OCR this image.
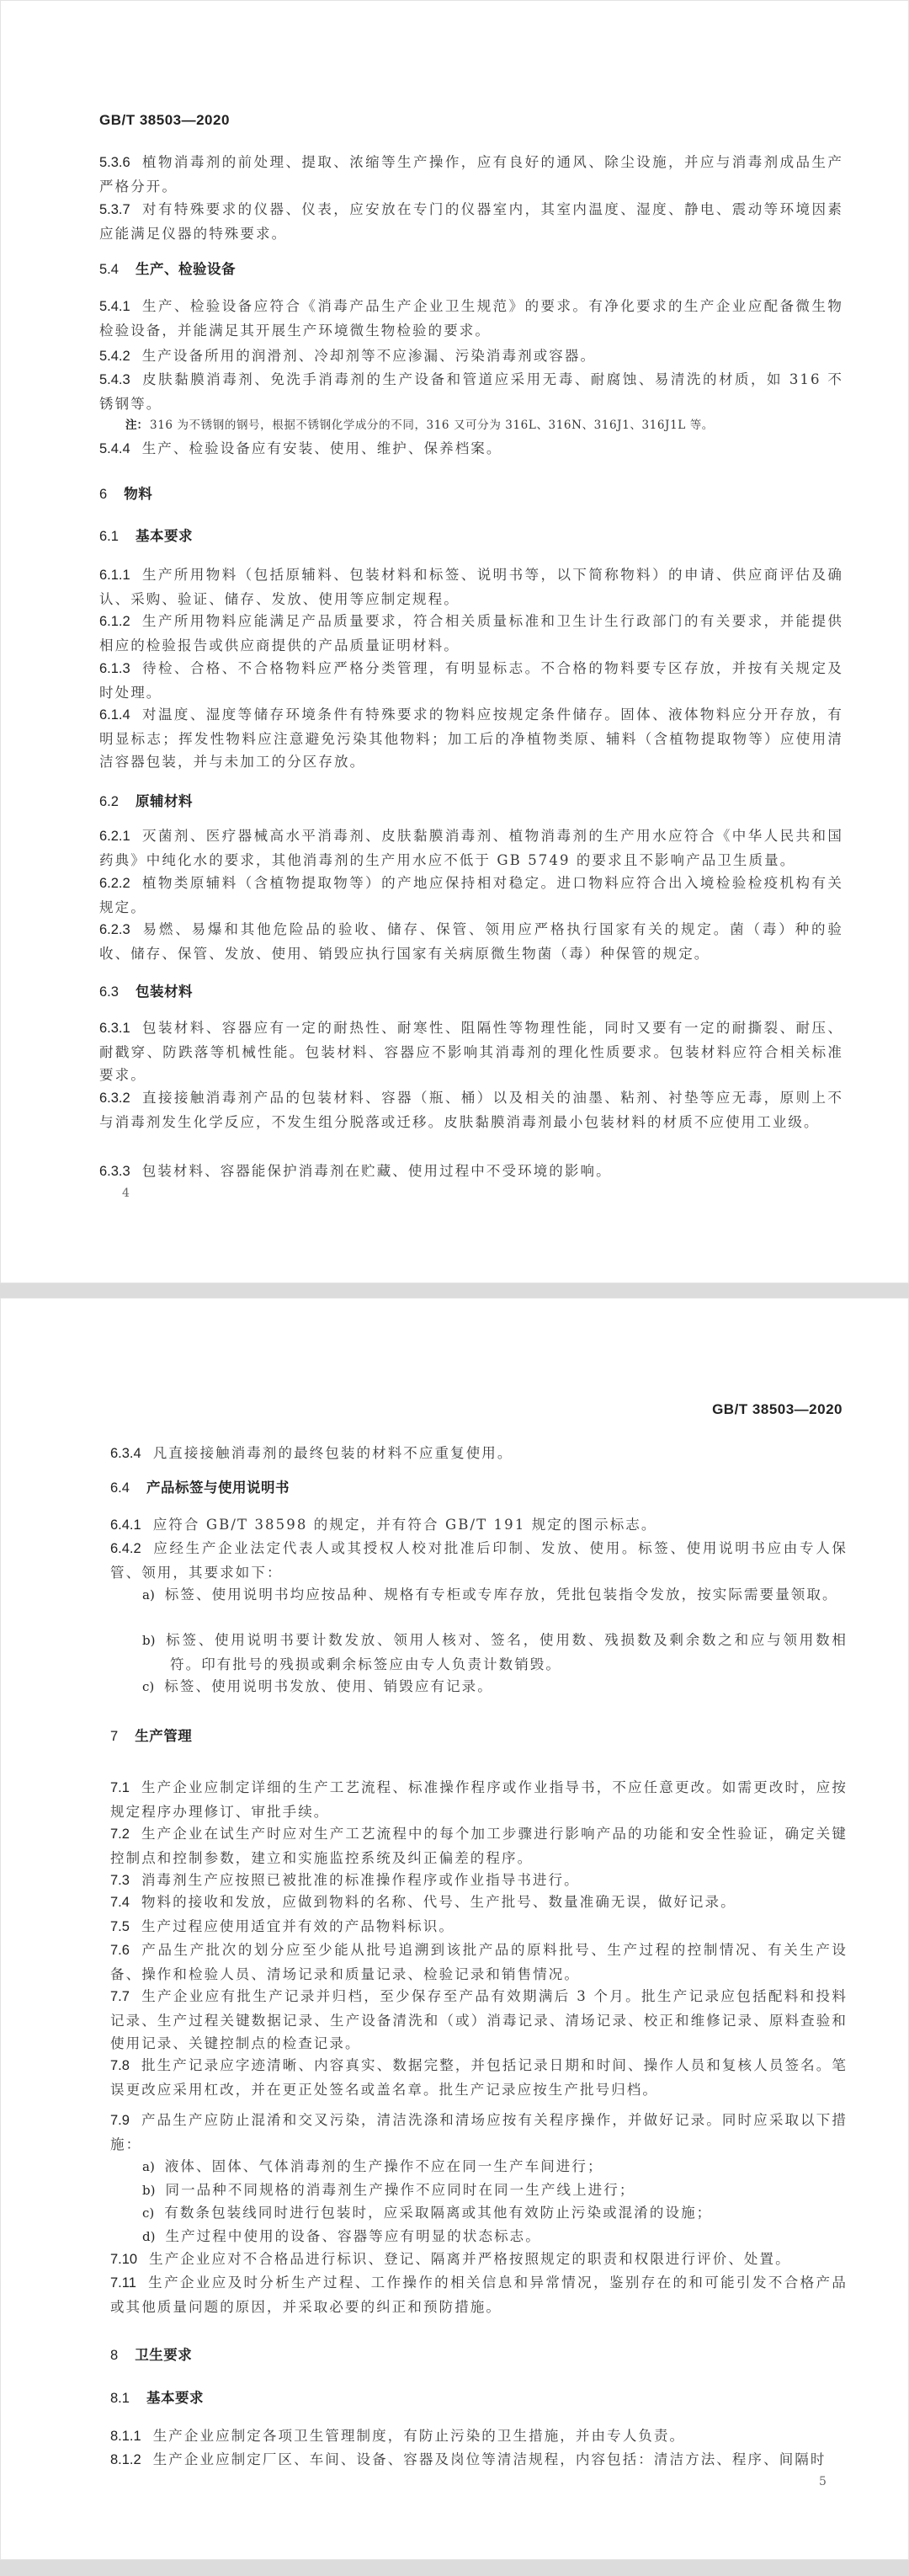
GB/T 38503—2020
5.3.6 植物消毒剂的前处理、提取、浓缩等生产操作，应有良好的通风、除尘设施，并应与消毒剂成品生产严格分开。
5.3.7 对有特殊要求的仪器、仪表，应安放在专门的仪器室内，其室内温度、湿度、静电、震动等环境因素应能满足仪器的特殊要求。
5.4 生产、检验设备
5.4.1 生产、检验设备应符合《消毒产品生产企业卫生规范》的要求。有净化要求的生产企业应配备微生物检验设备，并能满足其开展生产环境微生物检验的要求。
5.4.2 生产设备所用的润滑剂、冷却剂等不应渗漏、污染消毒剂或容器。
5.4.3 皮肤黏膜消毒剂、免洗手消毒剂的生产设备和管道应采用无毒、耐腐蚀、易清洗的材质，如 316 不锈钢等。
注： 316 为不锈钢的钢号，根据不锈钢化学成分的不同，316 又可分为 316L、316N、316J1、316J1L 等。
5.4.4 生产、检验设备应有安装、使用、维护、保养档案。
6 物料
6.1 基本要求
6.1.1 生产所用物料（包括原辅料、包装材料和标签、说明书等，以下简称物料）的申请、供应商评估及确认、采购、验证、储存、发放、使用等应制定规程。
6.1.2 生产所用物料应能满足产品质量要求，符合相关质量标准和卫生计生行政部门的有关要求，并能提供相应的检验报告或供应商提供的产品质量证明材料。
6.1.3 待检、合格、不合格物料应严格分类管理，有明显标志。不合格的物料要专区存放，并按有关规定及时处理。
6.1.4 对温度、湿度等储存环境条件有特殊要求的物料应按规定条件储存。固体、液体物料应分开存放，有明显标志；挥发性物料应注意避免污染其他物料；加工后的净植物类原、辅料（含植物提取物等）应使用清洁容器包装，并与未加工的分区存放。
6.2 原辅材料
6.2.1 灭菌剂、医疗器械高水平消毒剂、皮肤黏膜消毒剂、植物消毒剂的生产用水应符合《中华人民共和国药典》中纯化水的要求，其他消毒剂的生产用水应不低于 GB 5749 的要求且不影响产品卫生质量。
6.2.2 植物类原辅料（含植物提取物等）的产地应保持相对稳定。进口物料应符合出入境检验检疫机构有关规定。
6.2.3 易燃、易爆和其他危险品的验收、储存、保管、领用应严格执行国家有关的规定。菌（毒）种的验收、储存、保管、发放、使用、销毁应执行国家有关病原微生物菌（毒）种保管的规定。
6.3 包装材料
6.3.1 包装材料、容器应有一定的耐热性、耐寒性、阻隔性等物理性能，同时又要有一定的耐撕裂、耐压、耐戳穿、防跌落等机械性能。包装材料、容器应不影响其消毒剂的理化性质要求。包装材料应符合相关标准要求。
6.3.2 直接接触消毒剂产品的包装材料、容器（瓶、桶）以及相关的油墨、粘剂、衬垫等应无毒，原则上不与消毒剂发生化学反应，不发生组分脱落或迁移。皮肤黏膜消毒剂最小包装材料的材质不应使用工业级。
6.3.3 包装材料、容器能保护消毒剂在贮藏、使用过程中不受环境的影响。
4
GB/T 38503—2020
6.3.4 凡直接接触消毒剂的最终包装的材料不应重复使用。
6.4 产品标签与使用说明书
6.4.1 应符合 GB/T 38598 的规定，并有符合 GB/T 191 规定的图示标志。
6.4.2 应经生产企业法定代表人或其授权人校对批准后印制、发放、使用。标签、使用说明书应由专人保管、领用，其要求如下：
a) 标签、使用说明书均应按品种、规格有专柜或专库存放，凭批包装指令发放，按实际需要量领取。
b) 标签、使用说明书要计数发放、领用人核对、签名，使用数、残损数及剩余数之和应与领用数相符。印有批号的残损或剩余标签应由专人负责计数销毁。
c) 标签、使用说明书发放、使用、销毁应有记录。
7 生产管理
7.1 生产企业应制定详细的生产工艺流程、标准操作程序或作业指导书，不应任意更改。如需更改时，应按规定程序办理修订、审批手续。
7.2 生产企业在试生产时应对生产工艺流程中的每个加工步骤进行影响产品的功能和安全性验证，确定关键控制点和控制参数，建立和实施监控系统及纠正偏差的程序。
7.3 消毒剂生产应按照已被批准的标准操作程序或作业指导书进行。
7.4 物料的接收和发放，应做到物料的名称、代号、生产批号、数量准确无误，做好记录。
7.5 生产过程应使用适宜并有效的产品物料标识。
7.6 产品生产批次的划分应至少能从批号追溯到该批产品的原料批号、生产过程的控制情况、有关生产设备、操作和检验人员、清场记录和质量记录、检验记录和销售情况。
7.7 生产企业应有批生产记录并归档，至少保存至产品有效期满后 3 个月。批生产记录应包括配料和投料记录、生产过程关键数据记录、生产设备清洗和（或）消毒记录、清场记录、校正和维修记录、原料查验和使用记录、关键控制点的检查记录。
7.8 批生产记录应字迹清晰、内容真实、数据完整，并包括记录日期和时间、操作人员和复核人员签名。笔误更改应采用杠改，并在更正处签名或盖名章。批生产记录应按生产批号归档。
7.9 产品生产应防止混淆和交叉污染，清洁洗涤和清场应按有关程序操作，并做好记录。同时应采取以下措施：
a) 液体、固体、气体消毒剂的生产操作不应在同一生产车间进行；
b) 同一品种不同规格的消毒剂生产操作不应同时在同一生产线上进行；
c) 有数条包装线同时进行包装时，应采取隔离或其他有效防止污染或混淆的设施；
d) 生产过程中使用的设备、容器等应有明显的状态标志。
7.10 生产企业应对不合格品进行标识、登记、隔离并严格按照规定的职责和权限进行评价、处置。
7.11 生产企业应及时分析生产过程、工作操作的相关信息和异常情况，鉴别存在的和可能引发不合格产品或其他质量问题的原因，并采取必要的纠正和预防措施。
8 卫生要求
8.1 基本要求
8.1.1 生产企业应制定各项卫生管理制度，有防止污染的卫生措施，并由专人负责。
8.1.2 生产企业应制定厂区、车间、设备、容器及岗位等清洁规程，内容包括：清洁方法、程序、间隔时
5
